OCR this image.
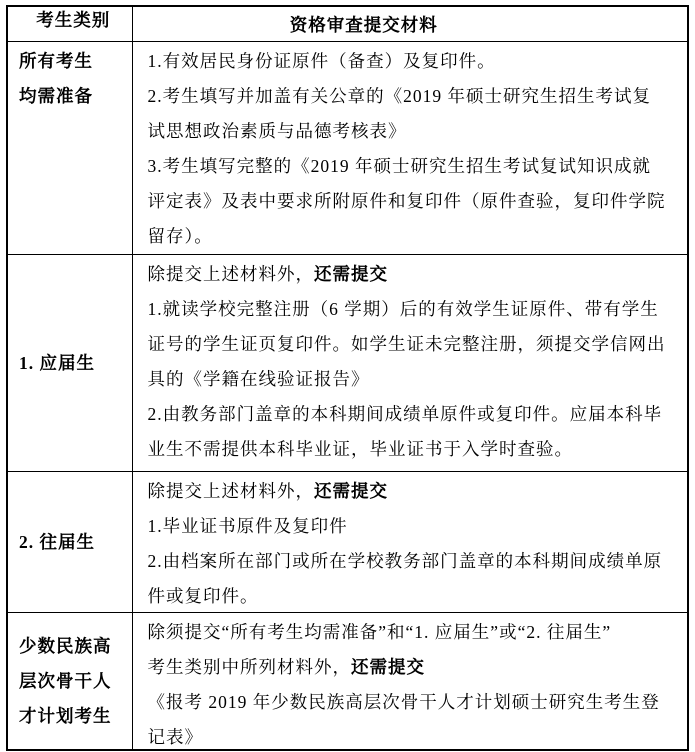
考生类别	资格审查提交材料
所有考生
均需准备
1.有效居民身份证原件（备查）及复印件。
2.考生填写并加盖有关公章的《2019 年硕士研究生招生考试复
试思想政治素质与品德考核表》
3.考生填写完整的《2019 年硕士研究生招生考试复试知识成就
评定表》及表中要求所附原件和复印件（原件查验，复印件学院
留存）。
1. 应届生
除提交上述材料外，还需提交
1.就读学校完整注册（6 学期）后的有效学生证原件、带有学生
证号的学生证页复印件。如学生证未完整注册，须提交学信网出
具的《学籍在线验证报告》
2.由教务部门盖章的本科期间成绩单原件或复印件。应届本科毕
业生不需提供本科毕业证，毕业证书于入学时查验。
2. 往届生
除提交上述材料外，还需提交
1.毕业证书原件及复印件
2.由档案所在部门或所在学校教务部门盖章的本科期间成绩单原
件或复印件。
少数民族高
层次骨干人
才计划考生
除须提交“所有考生均需准备”和“1. 应届生”或“2. 往届生”
考生类别中所列材料外，还需提交
《报考 2019 年少数民族高层次骨干人才计划硕士研究生考生登
记表》
